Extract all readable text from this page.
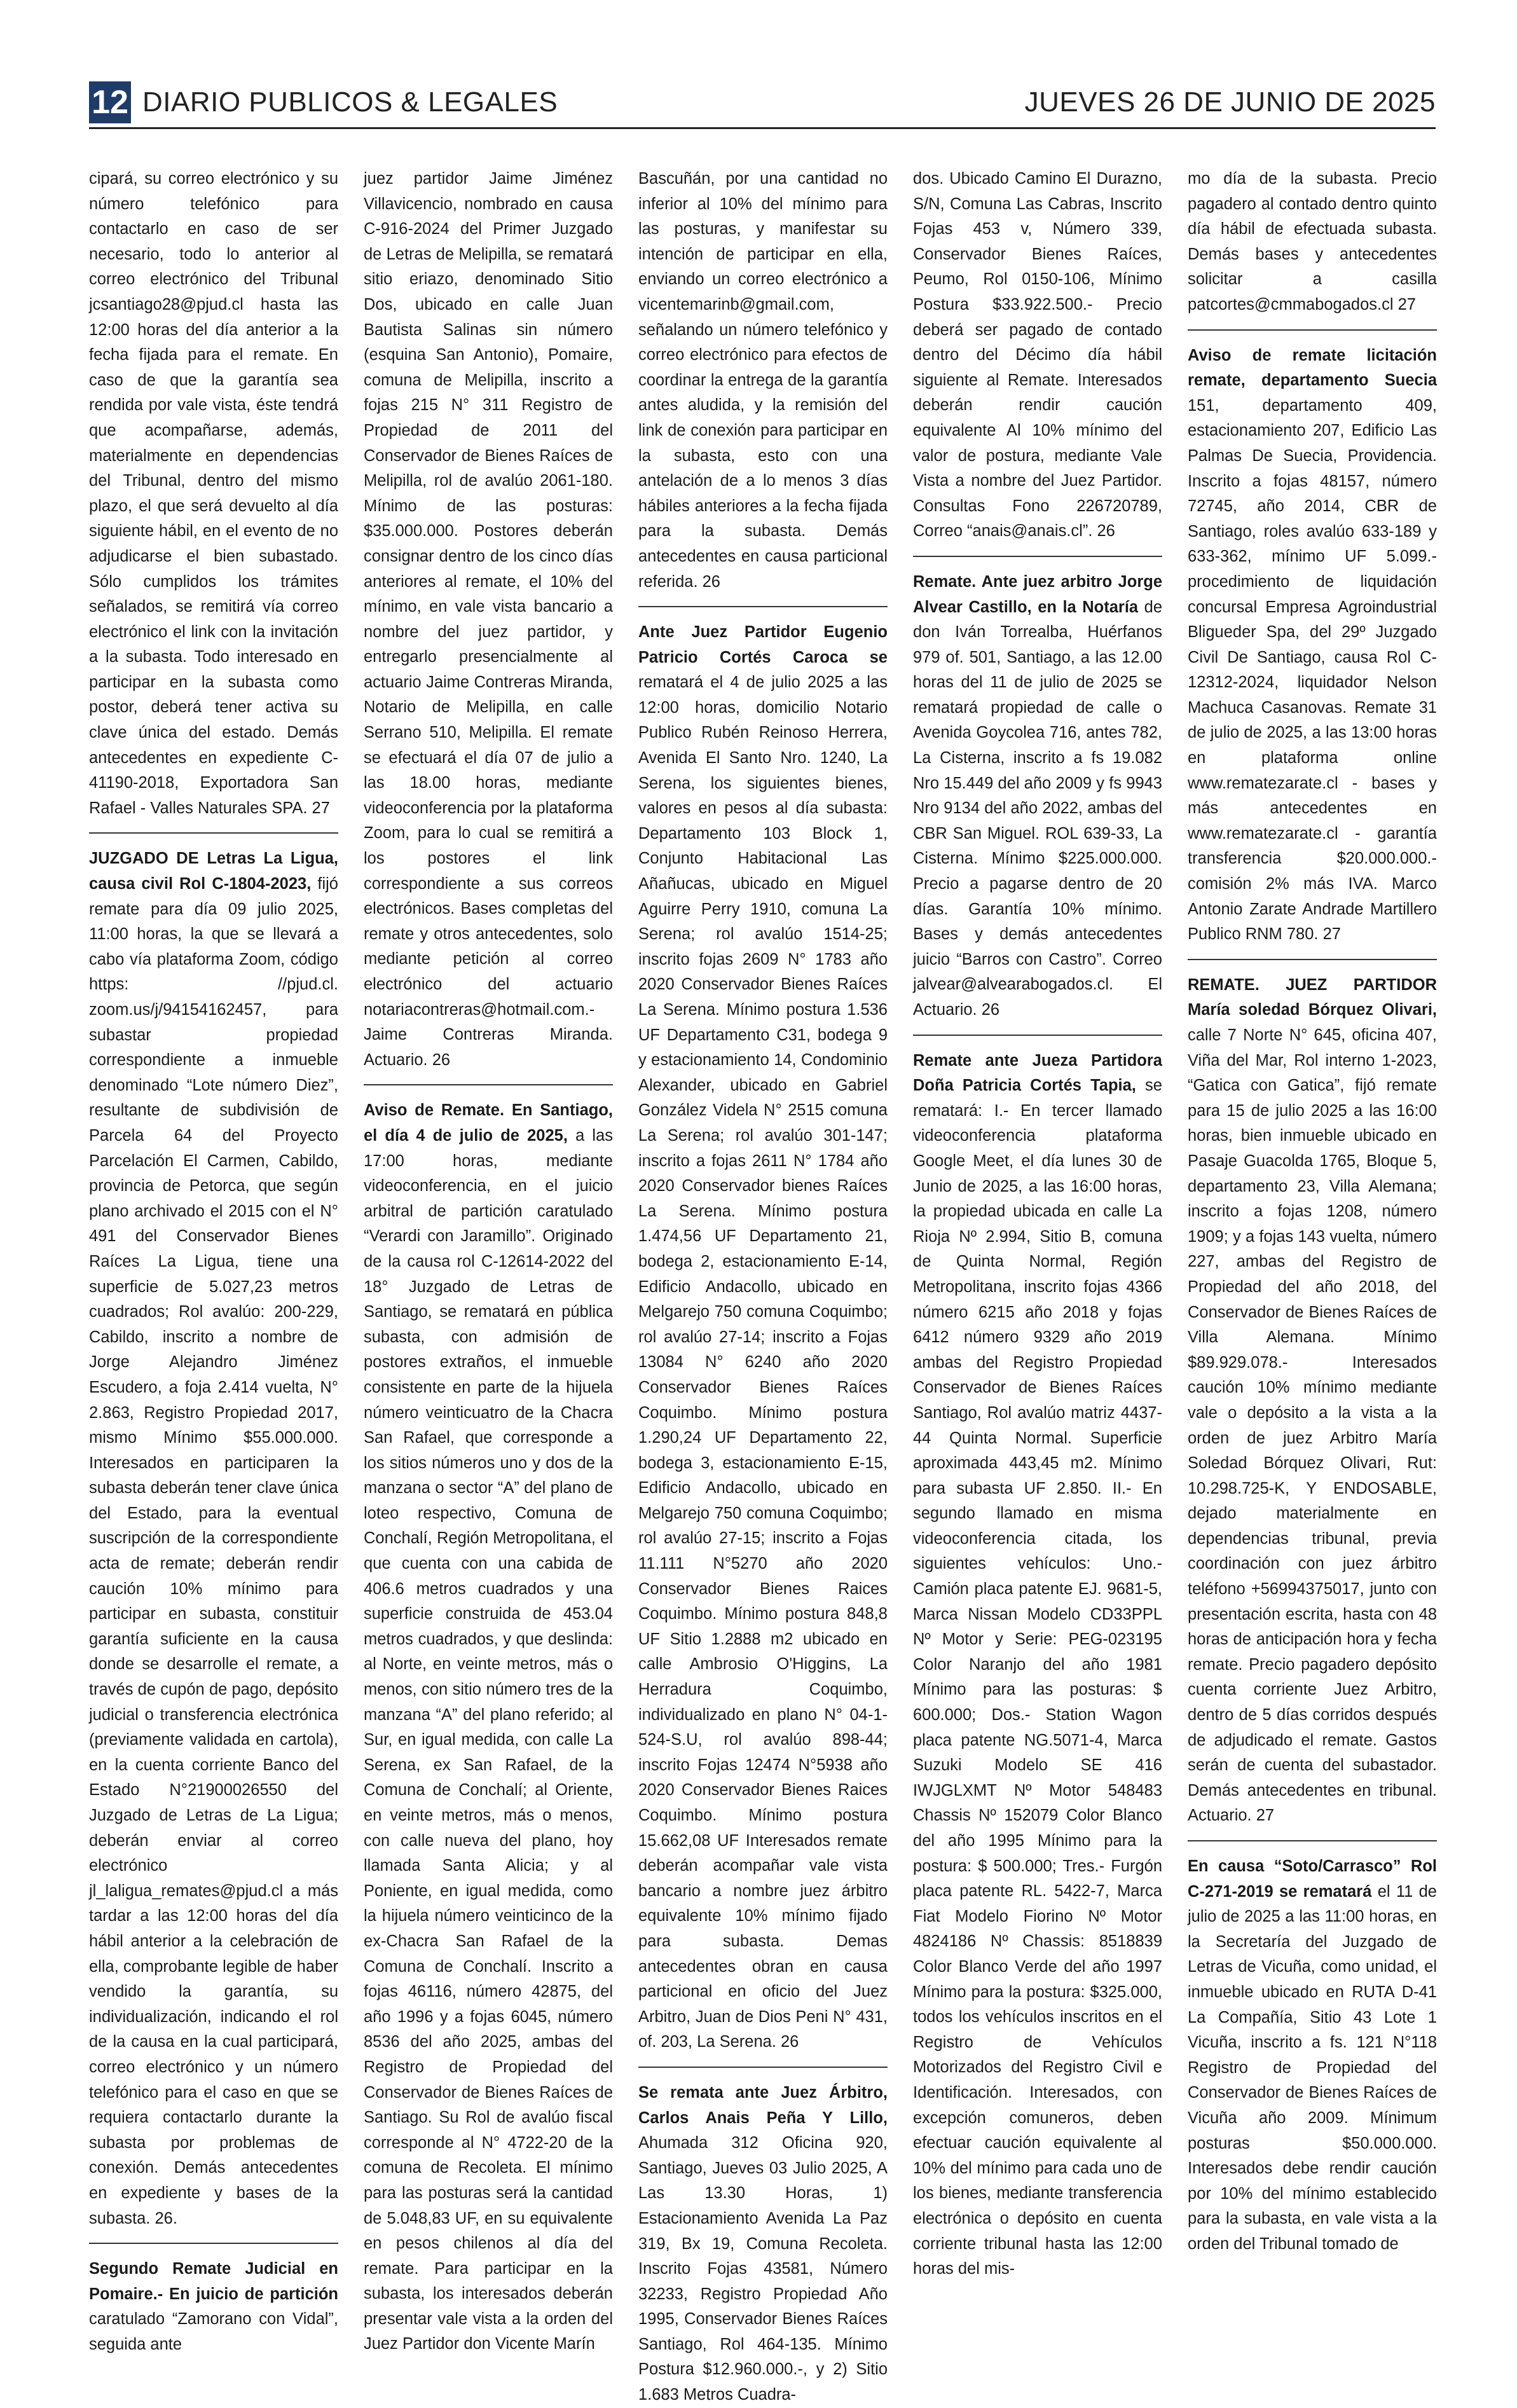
12 DIARIO PUBLICOS & LEGALES	JUEVES 26 DE JUNIO DE 2025

cipará, su correo electrónico y su número telefónico para contactarlo en caso de ser necesario, todo lo anterior al correo electrónico del Tribunal jcsantiago28@pjud.cl hasta las 12:00 horas del día anterior a la fecha fijada para el remate. En caso de que la garantía sea rendida por vale vista, éste tendrá que acompañarse, además, materialmente en dependencias del Tribunal, dentro del mismo plazo, el que será devuelto al día siguiente hábil, en el evento de no adjudicarse el bien subastado. Sólo cumplidos los trámites señalados, se remitirá vía correo electrónico el link con la invitación a la subasta. Todo interesado en participar en la subasta como postor, deberá tener activa su clave única del estado. Demás antecedentes en expediente C-41190-2018, Exportadora San Rafael - Valles Naturales SPA. 27

JUZGADO DE Letras La Ligua, causa civil Rol C-1804-2023, fijó remate para día 09 julio 2025, 11:00 horas, la que se llevará a cabo vía plataforma Zoom, código https: //pjud.cl. zoom.us/j/94154162457, para subastar propiedad correspondiente a inmueble denominado “Lote número Diez”, resultante de subdivisión de Parcela 64 del Proyecto Parcelación El Carmen, Cabildo, provincia de Petorca, que según plano archivado el 2015 con el N° 491 del Conservador Bienes Raíces La Ligua, tiene una superficie de 5.027,23 metros cuadrados; Rol avalúo: 200-229, Cabildo, inscrito a nombre de Jorge Alejandro Jiménez Escudero, a foja 2.414 vuelta, N° 2.863, Registro Propiedad 2017, mismo Mínimo $55.000.000. Interesados en participaren la subasta deberán tener clave única del Estado, para la eventual suscripción de la correspondiente acta de remate; deberán rendir caución 10% mínimo para participar en subasta, constituir garantía suficiente en la causa donde se desarrolle el remate, a través de cupón de pago, depósito judicial o transferencia electrónica (previamente validada en cartola), en la cuenta corriente Banco del Estado N°21900026550 del Juzgado de Letras de La Ligua; deberán enviar al correo electrónico jl_laligua_remates@pjud.cl a más tardar a las 12:00 horas del día hábil anterior a la celebración de ella, comprobante legible de haber vendido la garantía, su individualización, indicando el rol de la causa en la cual participará, correo electrónico y un número telefónico para el caso en que se requiera contactarlo durante la subasta por problemas de conexión. Demás antecedentes en expediente y bases de la subasta. 26.

Segundo Remate Judicial en Pomaire.- En juicio de partición caratulado “Zamorano con Vidal”, seguida ante

juez partidor Jaime Jiménez Villavicencio, nombrado en causa C-916-2024 del Primer Juzgado de Letras de Melipilla, se rematará sitio eriazo, denominado Sitio Dos, ubicado en calle Juan Bautista Salinas sin número (esquina San Antonio), Pomaire, comuna de Melipilla, inscrito a fojas 215 N° 311 Registro de Propiedad de 2011 del Conservador de Bienes Raíces de Melipilla, rol de avalúo 2061-180. Mínimo de las posturas: $35.000.000. Postores deberán consignar dentro de los cinco días anteriores al remate, el 10% del mínimo, en vale vista bancario a nombre del juez partidor, y entregarlo presencialmente al actuario Jaime Contreras Miranda, Notario de Melipilla, en calle Serrano 510, Melipilla. El remate se efectuará el día 07 de julio a las 18.00 horas, mediante videoconferencia por la plataforma Zoom, para lo cual se remitirá a los postores el link correspondiente a sus correos electrónicos. Bases completas del remate y otros antecedentes, solo mediante petición al correo electrónico del actuario notariacontreras@hotmail.com.- Jaime Contreras Miranda. Actuario. 26

Aviso de Remate. En Santiago, el día 4 de julio de 2025, a las 17:00 horas, mediante videoconferencia, en el juicio arbitral de partición caratulado “Verardi con Jaramillo”. Originado de la causa rol C-12614-2022 del 18° Juzgado de Letras de Santiago, se rematará en pública subasta, con admisión de postores extraños, el inmueble consistente en parte de la hijuela número veinticuatro de la Chacra San Rafael, que corresponde a los sitios números uno y dos de la manzana o sector “A” del plano de loteo respectivo, Comuna de Conchalí, Región Metropolitana, el que cuenta con una cabida de 406.6 metros cuadrados y una superficie construida de 453.04 metros cuadrados, y que deslinda: al Norte, en veinte metros, más o menos, con sitio número tres de la manzana “A” del plano referido; al Sur, en igual medida, con calle La Serena, ex San Rafael, de la Comuna de Conchalí; al Oriente, en veinte metros, más o menos, con calle nueva del plano, hoy llamada Santa Alicia; y al Poniente, en igual medida, como la hijuela número veinticinco de la ex-Chacra San Rafael de la Comuna de Conchalí. Inscrito a fojas 46116, número 42875, del año 1996 y a fojas 6045, número 8536 del año 2025, ambas del Registro de Propiedad del Conservador de Bienes Raíces de Santiago. Su Rol de avalúo fiscal corresponde al N° 4722-20 de la comuna de Recoleta. El mínimo para las posturas será la cantidad de 5.048,83 UF, en su equivalente en pesos chilenos al día del remate. Para participar en la subasta, los interesados deberán presentar vale vista a la orden del Juez Partidor don Vicente Marín

Bascuñán, por una cantidad no inferior al 10% del mínimo para las posturas, y manifestar su intención de participar en ella, enviando un correo electrónico a vicentemarinb@gmail.com, señalando un número telefónico y correo electrónico para efectos de coordinar la entrega de la garantía antes aludida, y la remisión del link de conexión para participar en la subasta, esto con una antelación de a lo menos 3 días hábiles anteriores a la fecha fijada para la subasta. Demás antecedentes en causa particional referida. 26

Ante Juez Partidor Eugenio Patricio Cortés Caroca se rematará el 4 de julio 2025 a las 12:00 horas, domicilio Notario Publico Rubén Reinoso Herrera, Avenida El Santo Nro. 1240, La Serena, los siguientes bienes, valores en pesos al día subasta: Departamento 103 Block 1, Conjunto Habitacional Las Añañucas, ubicado en Miguel Aguirre Perry 1910, comuna La Serena; rol avalúo 1514-25; inscrito fojas 2609 N° 1783 año 2020 Conservador Bienes Raíces La Serena. Mínimo postura 1.536 UF Departamento C31, bodega 9 y estacionamiento 14, Condominio Alexander, ubicado en Gabriel González Videla N° 2515 comuna La Serena; rol avalúo 301-147; inscrito a fojas 2611 N° 1784 año 2020 Conservador bienes Raíces La Serena. Mínimo postura 1.474,56 UF Departamento 21, bodega 2, estacionamiento E-14, Edificio Andacollo, ubicado en Melgarejo 750 comuna Coquimbo; rol avalúo 27-14; inscrito a Fojas 13084 N° 6240 año 2020 Conservador Bienes Raíces Coquimbo. Mínimo postura 1.290,24 UF Departamento 22, bodega 3, estacionamiento E-15, Edificio Andacollo, ubicado en Melgarejo 750 comuna Coquimbo; rol avalúo 27-15; inscrito a Fojas 11.111 N°5270 año 2020 Conservador Bienes Raices Coquimbo. Mínimo postura 848,8 UF Sitio 1.2888 m2 ubicado en calle Ambrosio O'Higgins, La Herradura Coquimbo, individualizado en plano N° 04-1- 524-S.U, rol avalúo 898-44; inscrito Fojas 12474 N°5938 año 2020 Conservador Bienes Raices Coquimbo. Mínimo postura 15.662,08 UF Interesados remate deberán acompañar vale vista bancario a nombre juez árbitro equivalente 10% mínimo fijado para subasta. Demas antecedentes obran en causa particional en oficio del Juez Arbitro, Juan de Dios Peni N° 431, of. 203, La Serena. 26

Se remata ante Juez Árbitro, Carlos Anais Peña Y Lillo, Ahumada 312 Oficina 920, Santiago, Jueves 03 Julio 2025, A Las 13.30 Horas, 1) Estacionamiento Avenida La Paz 319, Bx 19, Comuna Recoleta. Inscrito Fojas 43581, Número 32233, Registro Propiedad Año 1995, Conservador Bienes Raíces Santiago, Rol 464-135. Mínimo Postura $12.960.000.-, y 2) Sitio 1.683 Metros Cuadra-

dos. Ubicado Camino El Durazno, S/N, Comuna Las Cabras, Inscrito Fojas 453 v, Número 339, Conservador Bienes Raíces, Peumo, Rol 0150-106, Mínimo Postura $33.922.500.- Precio deberá ser pagado de contado dentro del Décimo día hábil siguiente al Remate. Interesados deberán rendir caución equivalente Al 10% mínimo del valor de postura, mediante Vale Vista a nombre del Juez Partidor. Consultas Fono 226720789, Correo “anais@anais.cl”. 26

Remate. Ante juez arbitro Jorge Alvear Castillo, en la Notaría de don Iván Torrealba, Huérfanos 979 of. 501, Santiago, a las 12.00 horas del 11 de julio de 2025 se rematará propiedad de calle o Avenida Goycolea 716, antes 782, La Cisterna, inscrito a fs 19.082 Nro 15.449 del año 2009 y fs 9943 Nro 9134 del año 2022, ambas del CBR San Miguel. ROL 639-33, La Cisterna. Mínimo $225.000.000. Precio a pagarse dentro de 20 días. Garantía 10% mínimo. Bases y demás antecedentes juicio “Barros con Castro”. Correo jalvear@alvearabogados.cl. El Actuario. 26

Remate ante Jueza Partidora Doña Patricia Cortés Tapia, se rematará: I.- En tercer llamado videoconferencia plataforma Google Meet, el día lunes 30 de Junio de 2025, a las 16:00 horas, la propiedad ubicada en calle La Rioja Nº 2.994, Sitio B, comuna de Quinta Normal, Región Metropolitana, inscrito fojas 4366 número 6215 año 2018 y fojas 6412 número 9329 año 2019 ambas del Registro Propiedad Conservador de Bienes Raíces Santiago, Rol avalúo matriz 4437-44 Quinta Normal. Superficie aproximada 443,45 m2. Mínimo para subasta UF 2.850. II.- En segundo llamado en misma videoconferencia citada, los siguientes vehículos: Uno.-Camión placa patente EJ. 9681-5, Marca Nissan Modelo CD33PPL Nº Motor y Serie: PEG-023195 Color Naranjo del año 1981 Mínimo para las posturas: $ 600.000; Dos.- Station Wagon placa patente NG.5071-4, Marca Suzuki Modelo SE 416 IWJGLXMT Nº Motor 548483 Chassis Nº 152079 Color Blanco del año 1995 Mínimo para la postura: $ 500.000; Tres.- Furgón placa patente RL. 5422-7, Marca Fiat Modelo Fiorino Nº Motor 4824186 Nº Chassis: 8518839 Color Blanco Verde del año 1997 Mínimo para la postura: $325.000, todos los vehículos inscritos en el Registro de Vehículos Motorizados del Registro Civil e Identificación. Interesados, con excepción comuneros, deben efectuar caución equivalente al 10% del mínimo para cada uno de los bienes, mediante transferencia electrónica o depósito en cuenta corriente tribunal hasta las 12:00 horas del mis-

mo día de la subasta. Precio pagadero al contado dentro quinto día hábil de efectuada subasta. Demás bases y antecedentes solicitar a casilla patcortes@cmmabogados.cl 27

Aviso de remate licitación remate, departamento Suecia 151, departamento 409, estacionamiento 207, Edificio Las Palmas De Suecia, Providencia. Inscrito a fojas 48157, número 72745, año 2014, CBR de Santiago, roles avalúo 633-189 y 633-362, mínimo UF 5.099.- procedimiento de liquidación concursal Empresa Agroindustrial Bliguеder Spa, del 29º Juzgado Civil De Santiago, causa Rol C-12312-2024, liquidador Nelson Machuca Casanovas. Remate 31 de julio de 2025, a las 13:00 horas en plataforma online www.rematezarate.cl - bases y más antecedentes en www.rematezarate.cl - garantía transferencia $20.000.000.- comisión 2% más IVA. Marco Antonio Zarate Andrade Martillero Publico RNM 780. 27

REMATE. JUEZ PARTIDOR María soledad Bórquez Olivari, calle 7 Norte N° 645, oficina 407, Viña del Mar, Rol interno 1-2023, “Gatica con Gatica”, fijó remate para 15 de julio 2025 a las 16:00 horas, bien inmueble ubicado en Pasaje Guacolda 1765, Bloque 5, departamento 23, Villa Alemana; inscrito a fojas 1208, número 1909; y a fojas 143 vuelta, número 227, ambas del Registro de Propiedad del año 2018, del Conservador de Bienes Raíces de Villa Alemana. Mínimo $89.929.078.- Interesados caución 10% mínimo mediante vale o depósito a la vista a la orden de juez Arbitro María Soledad Bórquez Olivari, Rut: 10.298.725-K, Y ENDOSABLE, dejado materialmente en dependencias tribunal, previa coordinación con juez árbitro teléfono +56994375017, junto con presentación escrita, hasta con 48 horas de anticipación hora y fecha remate. Precio pagadero depósito cuenta corriente Juez Arbitro, dentro de 5 días corridos después de adjudicado el remate. Gastos serán de cuenta del subastador. Demás antecedentes en tribunal. Actuario. 27

En causa “Soto/Carrasco” Rol C-271-2019 se rematará el 11 de julio de 2025 a las 11:00 horas, en la Secretaría del Juzgado de Letras de Vicuña, como unidad, el inmueble ubicado en RUTA D-41 La Compañía, Sitio 43 Lote 1 Vicuña, inscrito a fs. 121 N°118 Registro de Propiedad del Conservador de Bienes Raíces de Vicuña año 2009. Mínimum posturas $50.000.000. Interesados debe rendir caución por 10% del mínimo establecido para la subasta, en vale vista a la orden del Tribunal tomado de
